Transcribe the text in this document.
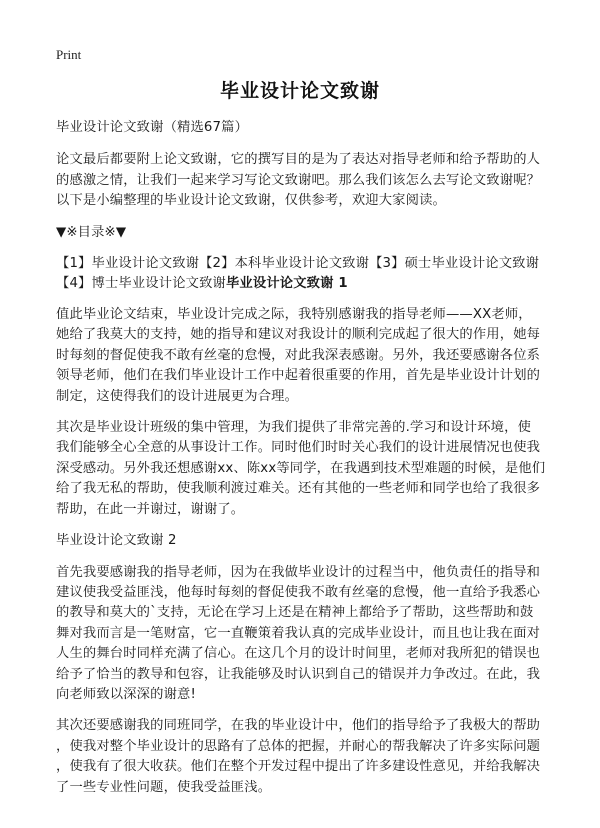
Print
毕业设计论文致谢
毕业设计论文致谢（精选67篇）
论文最后都要附上论文致谢，它的撰写目的是为了表达对指导老师和给予帮助的人
的感激之情，让我们一起来学习写论文致谢吧。那么我们该怎么去写论文致谢呢？
以下是小编整理的毕业设计论文致谢，仅供参考，欢迎大家阅读。
▼※目录※▼
【1】毕业设计论文致谢【2】本科毕业设计论文致谢【3】硕士毕业设计论文致谢
【4】博士毕业设计论文致谢毕业设计论文致谢 1
值此毕业论文结束，毕业设计完成之际，我特别感谢我的指导老师——XX老师，
她给了我莫大的支持，她的指导和建议对我设计的顺利完成起了很大的作用，她每
时每刻的督促使我不敢有丝毫的怠慢，对此我深表感谢。另外，我还要感谢各位系
领导老师，他们在我们毕业设计工作中起着很重要的作用，首先是毕业设计计划的
制定，这使得我们的设计进展更为合理。
其次是毕业设计班级的集中管理，为我们提供了非常完善的.学习和设计环境，使
我们能够全心全意的从事设计工作。同时他们时时关心我们的设计进展情况也使我
深受感动。另外我还想感谢xx、陈xx等同学，在我遇到技术型难题的时候，是他们
给了我无私的帮助，使我顺利渡过难关。还有其他的一些老师和同学也给了我很多
帮助，在此一并谢过，谢谢了。
毕业设计论文致谢 2
首先我要感谢我的指导老师，因为在我做毕业设计的过程当中，他负责任的指导和
建议使我受益匪浅，他每时每刻的督促使我不敢有丝毫的怠慢，他一直给予我悉心
的教导和莫大的`支持，无论在学习上还是在精神上都给予了帮助，这些帮助和鼓
舞对我而言是一笔财富，它一直鞭策着我认真的完成毕业设计，而且也让我在面对
人生的舞台时同样充满了信心。在这几个月的设计时间里，老师对我所犯的错误也
给予了恰当的教导和包容，让我能够及时认识到自己的错误并力争改过。在此，我
向老师致以深深的谢意!
其次还要感谢我的同班同学，在我的毕业设计中，他们的指导给予了我极大的帮助
，使我对整个毕业设计的思路有了总体的把握，并耐心的帮我解决了许多实际问题
，使我有了很大收获。他们在整个开发过程中提出了许多建设性意见，并给我解决
了一些专业性问题，使我受益匪浅。
